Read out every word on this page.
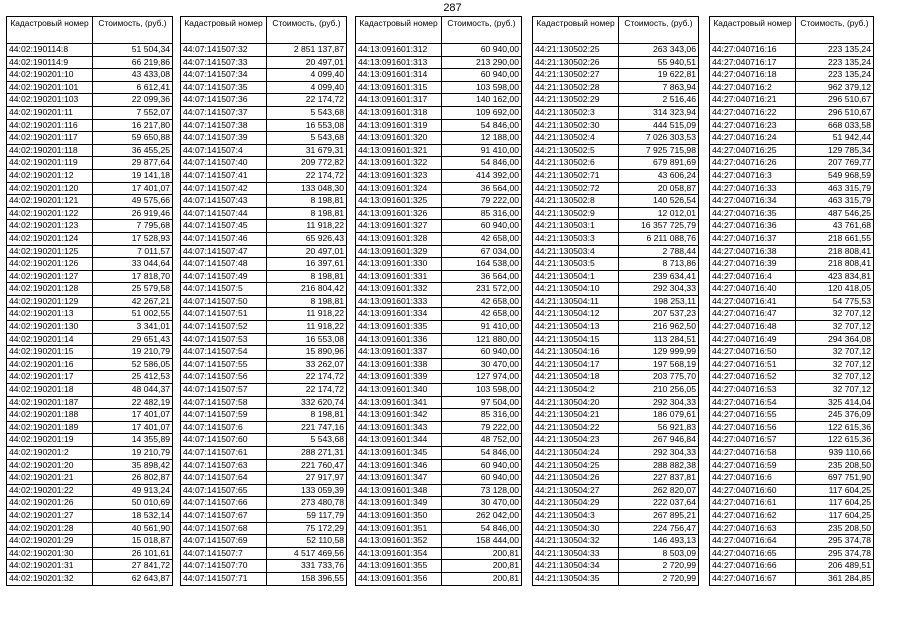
287
Кадастровый номер	Стоимость, (руб.)
44:02:190114:8	51 504,34
44:02:190114:9	66 219,86
44:02:190201:10	43 433,08
44:02:190201:101	6 612,41
44:02:190201:103	22 099,36
44:02:190201:11	7 552,07
44:02:190201:116	16 217,80
44:02:190201:117	59 650,88
44:02:190201:118	36 455,25
44:02:190201:119	29 877,64
44:02:190201:12	19 141,18
44:02:190201:120	17 401,07
44:02:190201:121	49 575,66
44:02:190201:122	26 919,46
44:02:190201:123	7 795,68
44:02:190201:124	17 528,93
44:02:190201:125	7 011,57
44:02:190201:126	33 044,64
44:02:190201:127	17 818,70
44:02:190201:128	25 579,58
44:02:190201:129	42 267,21
44:02:190201:13	51 002,55
44:02:190201:130	3 341,01
44:02:190201:14	29 651,43
44:02:190201:15	19 210,79
44:02:190201:16	52 586,05
44:02:190201:17	25 412,53
44:02:190201:18	48 044,37
44:02:190201:187	22 482,19
44:02:190201:188	17 401,07
44:02:190201:189	17 401,07
44:02:190201:19	14 355,89
44:02:190201:2	19 210,79
44:02:190201:20	35 898,42
44:02:190201:21	26 802,87
44:02:190201:22	49 913,24
44:02:190201:26	50 010,69
44:02:190201:27	18 532,14
44:02:190201:28	40 561,90
44:02:190201:29	15 018,87
44:02:190201:30	26 101,61
44:02:190201:31	27 841,72
44:02:190201:32	62 643,87
Кадастровый номер	Стоимость, (руб.)
44:07:141507:32	2 851 137,87
44:07:141507:33	20 497,01
44:07:141507:34	4 099,40
44:07:141507:35	4 099,40
44:07:141507:36	22 174,72
44:07:141507:37	5 543,68
44:07:141507:38	16 553,08
44:07:141507:39	5 543,68
44:07:141507:4	31 679,31
44:07:141507:40	209 772,82
44:07:141507:41	22 174,72
44:07:141507:42	133 048,30
44:07:141507:43	8 198,81
44:07:141507:44	8 198,81
44:07:141507:45	11 918,22
44:07:141507:46	65 926,43
44:07:141507:47	20 497,01
44:07:141507:48	16 397,61
44:07:141507:49	8 198,81
44:07:141507:5	216 804,42
44:07:141507:50	8 198,81
44:07:141507:51	11 918,22
44:07:141507:52	11 918,22
44:07:141507:53	16 553,08
44:07:141507:54	15 890,96
44:07:141507:55	33 262,07
44:07:141507:56	22 174,72
44:07:141507:57	22 174,72
44:07:141507:58	332 620,74
44:07:141507:59	8 198,81
44:07:141507:6	221 747,16
44:07:141507:60	5 543,68
44:07:141507:61	288 271,31
44:07:141507:63	221 760,47
44:07:141507:64	27 917,97
44:07:141507:65	133 059,39
44:07:141507:66	273 480,78
44:07:141507:67	59 117,79
44:07:141507:68	75 172,29
44:07:141507:69	52 110,58
44:07:141507:7	4 517 469,56
44:07:141507:70	331 733,76
44:07:141507:71	158 396,55
Кадастровый номер	Стоимость, (руб.)
44:13:091601:312	60 940,00
44:13:091601:313	213 290,00
44:13:091601:314	60 940,00
44:13:091601:315	103 598,00
44:13:091601:317	140 162,00
44:13:091601:318	109 692,00
44:13:091601:319	54 846,00
44:13:091601:320	12 188,00
44:13:091601:321	91 410,00
44:13:091601:322	54 846,00
44:13:091601:323	414 392,00
44:13:091601:324	36 564,00
44:13:091601:325	79 222,00
44:13:091601:326	85 316,00
44:13:091601:327	60 940,00
44:13:091601:328	42 658,00
44:13:091601:329	67 034,00
44:13:091601:330	164 538,00
44:13:091601:331	36 564,00
44:13:091601:332	231 572,00
44:13:091601:333	42 658,00
44:13:091601:334	42 658,00
44:13:091601:335	91 410,00
44:13:091601:336	121 880,00
44:13:091601:337	60 940,00
44:13:091601:338	30 470,00
44:13:091601:339	127 974,00
44:13:091601:340	103 598,00
44:13:091601:341	97 504,00
44:13:091601:342	85 316,00
44:13:091601:343	79 222,00
44:13:091601:344	48 752,00
44:13:091601:345	54 846,00
44:13:091601:346	60 940,00
44:13:091601:347	60 940,00
44:13:091601:348	73 128,00
44:13:091601:349	30 470,00
44:13:091601:350	262 042,00
44:13:091601:351	54 846,00
44:13:091601:352	158 444,00
44:13:091601:354	200,81
44:13:091601:355	200,81
44:13:091601:356	200,81
Кадастровый номер	Стоимость, (руб.)
44:21:130502:25	263 343,06
44:21:130502:26	55 940,51
44:21:130502:27	19 622,81
44:21:130502:28	7 863,94
44:21:130502:29	2 516,46
44:21:130502:3	314 323,94
44:21:130502:30	444 515,09
44:21:130502:4	7 026 303,53
44:21:130502:5	7 925 715,98
44:21:130502:6	679 891,69
44:21:130502:71	43 606,24
44:21:130502:72	20 058,87
44:21:130502:8	140 526,54
44:21:130502:9	12 012,01
44:21:130503:1	16 357 725,79
44:21:130503:3	6 211 088,76
44:21:130503:4	2 788,44
44:21:130503:5	8 713,86
44:21:130504:1	239 634,41
44:21:130504:10	292 304,33
44:21:130504:11	198 253,11
44:21:130504:12	207 537,23
44:21:130504:13	216 962,50
44:21:130504:15	113 284,51
44:21:130504:16	129 999,99
44:21:130504:17	197 568,19
44:21:130504:18	203 775,70
44:21:130504:2	210 256,05
44:21:130504:20	292 304,33
44:21:130504:21	186 079,61
44:21:130504:22	56 921,83
44:21:130504:23	267 946,84
44:21:130504:24	292 304,33
44:21:130504:25	288 882,38
44:21:130504:26	227 837,81
44:21:130504:27	262 820,07
44:21:130504:29	222 037,64
44:21:130504:3	267 895,21
44:21:130504:30	224 756,47
44:21:130504:32	146 493,13
44:21:130504:33	8 503,09
44:21:130504:34	2 720,99
44:21:130504:35	2 720,99
Кадастровый номер	Стоимость, (руб.)
44:27:040716:16	223 135,24
44:27:040716:17	223 135,24
44:27:040716:18	223 135,24
44:27:040716:2	962 379,12
44:27:040716:21	296 510,67
44:27:040716:22	296 510,67
44:27:040716:23	668 033,58
44:27:040716:24	51 942,44
44:27:040716:25	129 785,34
44:27:040716:26	207 769,77
44:27:040716:3	549 968,59
44:27:040716:33	463 315,79
44:27:040716:34	463 315,79
44:27:040716:35	487 546,25
44:27:040716:36	43 761,68
44:27:040716:37	218 661,55
44:27:040716:38	218 808,41
44:27:040716:39	218 808,41
44:27:040716:4	423 834,81
44:27:040716:40	120 418,05
44:27:040716:41	54 775,53
44:27:040716:47	32 707,12
44:27:040716:48	32 707,12
44:27:040716:49	294 364,08
44:27:040716:50	32 707,12
44:27:040716:51	32 707,12
44:27:040716:52	32 707,12
44:27:040716:53	32 707,12
44:27:040716:54	325 414,04
44:27:040716:55	245 376,09
44:27:040716:56	122 615,36
44:27:040716:57	122 615,36
44:27:040716:58	939 110,66
44:27:040716:59	235 208,50
44:27:040716:6	697 751,90
44:27:040716:60	117 604,25
44:27:040716:61	117 604,25
44:27:040716:62	117 604,25
44:27:040716:63	235 208,50
44:27:040716:64	295 374,78
44:27:040716:65	295 374,78
44:27:040716:66	206 489,51
44:27:040716:67	361 284,85
